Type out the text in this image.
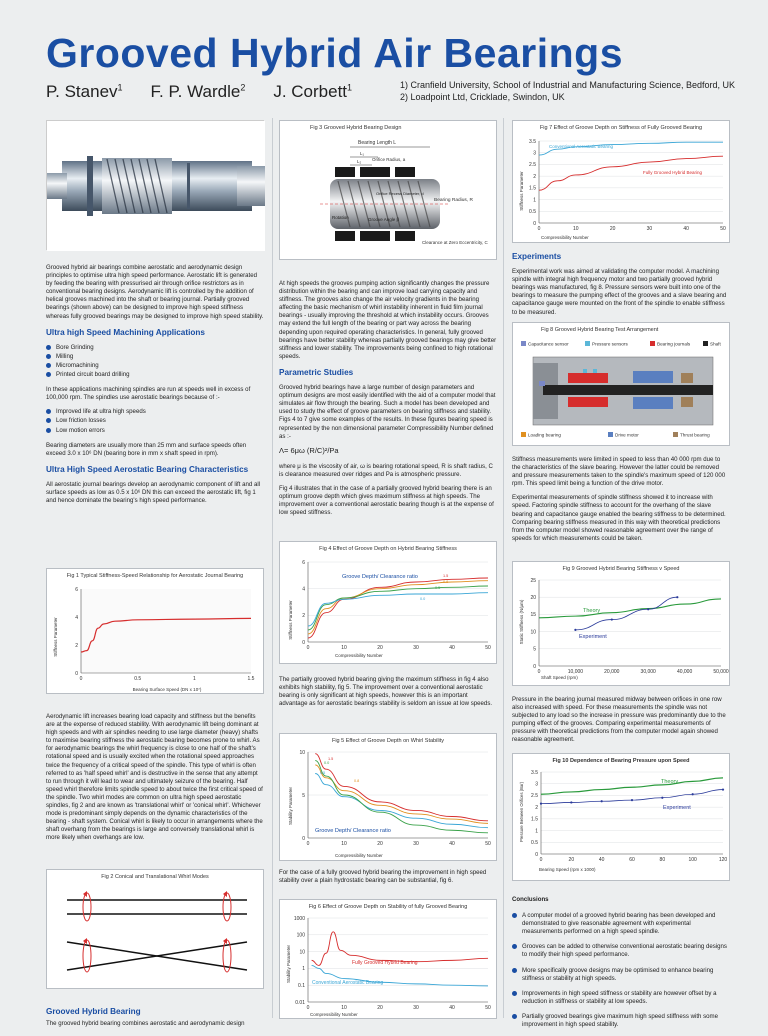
Grooved Hybrid Air Bearings
P. Stanev$^1$ F. P. Wardle$^2$ J. Corbett$^1$	1) Cranfield University, School of Industrial and Manufacturing Science, Bedford, UK
2) Loadpoint Ltd, Cricklade, Swindon, UK

Grooved hybrid air bearings combine aerostatic and aerodynamic design principles to optimise ultra high speed performance. Aerostatic lift is generated by feeding the bearing with pressurised air through orifice restrictors as in conventional bearing designs. Aerodynamic lift is controlled by the addition of helical grooves machined into the shaft or bearing journal. Partially grooved bearings (shown above) can be designed to improve high speed stiffness whereas fully grooved bearings may be designed to improve high speed stability.

Ultra high Speed Machining Applications
Bore Grinding
Milling
Micromachining
Printed circuit board drilling

In these applications machining spindles are run at speeds well in excess of 100,000 rpm. The spindles use aerostatic bearings because of :-

Improved life at ultra high speeds
Low friction losses
Low motion errors

Bearing diameters are usually more than 25 mm and surface speeds often exceed 3.0 x 10⁶ DN (bearing bore in mm x shaft speed in rpm).

Ultra High Speed Aerostatic Bearing Characteristics

All aerostatic journal bearings develop an aerodynamic component of lift and all surface speeds as low as 0.5 x 10⁶ DN this can exceed the aerostatic lift, fig 1 and hence dominate the bearing's high speed performance.

Fig 1 Typical Stiffness-Speed Relationship for Aerostatic Journal Bearing
0	0.5	1	1.5
0
2
4
6
Stiffness Parameter
Bearing Surface Speed (DN x 10⁷)

Aerodynamic lift increases bearing load capacity and stiffness but the benefits are at the expense of reduced stability. With aerodynamic lift being dominant at high speeds and with air spindles needing to use large diameter (heavy) shafts to maximise bearing stiffness the aerostatic bearing becomes prone to whirl. As for aerodynamic bearings the whirl frequency is close to one half of the shaft's rotational speed and is usually excited when the rotational speed approaches twice the frequency of a critical speed of the spindle. This type of whirl is often referred to as 'half speed whirl' and is destructive in the sense that any attempt to run through it will lead to wear and ultimately seizure of the bearing. Half speed whirl therefore limits spindle speed to about twice the first critical speed of the spindle. Two whirl modes are common on ultra high speed aerostatic spindles, fig 2 and are known as 'translational whirl' or 'conical whirl'. Whichever mode is predominant simply depends on the dynamic characteristics of the bearing - shaft system. Conical whirl is likely to occur in arrangements where the shaft overhang from the bearings is large and conversely translational whirl is more likely when overhangs are low.

Fig 2 Conical and Translational Whirl Modes
Grooved Hybrid Bearing

The grooved hybrid bearing combines aerostatic and aerodynamic design

Fig 3 Grooved Hybrid Bearing Design
Bearing Length L
L₁
L₂ Orifice Radius, a
Orifice Recess Diameter, d
Bearing Radius, R
Rotation	Groove Angle β
Clearance at Zero Eccentricity, C

At high speeds the grooves pumping action significantly changes the pressure distribution within the bearing and can improve load carrying capacity and stiffness. The grooves also change the air velocity gradients in the bearing affecting the basic mechanism of whirl instability inherent in fluid film journal bearings - usually improving the threshold at which instability occurs. Grooves may extend the full length of the bearing or part way across the bearing depending upon required operating characteristics. In general, fully grooved bearings have better stability whereas partially grooved bearings may give better stiffness and lower stability. The improvements being confined to high rotational speeds.

Parametric Studies

Grooved hybrid bearings have a large number of design parameters and optimum designs are most easily identified with the aid of a computer model that simulates air flow through the bearing. Such a model has been developed and used to study the effect of groove parameters on bearing stiffness and stability. Figs 4 to 7 give some examples of the results. In these figures bearing speed is represented by the non dimensional parameter Compressibility Number defined as :-

Λ= 6μω (R/C)²/Pa

where μ is the viscosity of air, ω is bearing rotational speed, R is shaft radius, C is clearance measured over ridges and Pa is atmospheric pressure.

Fig 4 illustrates that in the case of a partially grooved hybrid bearing there is an optimum groove depth which gives maximum stiffness at high speeds. The improvement over a conventional aerostatic bearing though is at the expense of low speed stiffness.

Fig 4 Effect of Groove Depth on Hybrid Bearing Stiffness
0	10	20	30	40	50
0
2
4
6
Groove Depth/ Clearance ratio	1.5
0.8
0.5
0.0
Stiffness Parameter
Compressibility Number

The partially grooved hybrid bearing giving the maximum stiffness in fig 4 also exhibits high stability, fig 5. The improvement over a conventional aerostatic bearing is only significant at high speeds, however this is an important advantage as for aerostatic bearings stability is seldom an issue at low speeds.

Fig 5 Effect of Groove Depth on Whirl Stability
0	10	20	30	40	50
0
5
10
Groove Depth/ Clearance ratio
1.5
0.8
0.5
0.0
Stability Parameter
Compressibility Number

For the case of a fully grooved hybrid bearing the improvement in high speed stability over a plain hydrostatic bearing can be substantial, fig 6.

Fig 6 Effect of Groove Depth on Stability of fully Grooved Bearing
0	10	20	30	40	50
0.01
0.1
1
10
100
1000
Fully Grooved Hybrid Bearing
Conventional Aerostatic Bearing
Stability Parameter
Compressibility Number
Fig 7 Effect of Groove Depth on Stiffness of Fully Grooved Bearing
0	10	20	30	40	50
0
0.5
1
1.5
2
2.5
3
3.5
Conventional Aerostatic Bearing
Fully Grooved Hybrid Bearing
Stiffness Parameter
Compressibility Number
Experiments

Experimental work was aimed at validating the computer model. A machining spindle with integral high frequency motor and two partially grooved hybrid bearings was manufactured, fig 8. Pressure sensors were built into one of the bearings to measure the pumping effect of the grooves and a slave bearing and capacitance gauge were mounted on the front of the spindle to enable stiffness to be measured.

Fig 8 Grooved Hybrid Bearing Test Arrangement
Capacitance sensor	Pressure sensors	Bearing journals	Shaft
Loading bearing	Drive motor	Thrust bearing

Stiffness measurements were limited in speed to less than 40 000 rpm due to the characteristics of the slave bearing. However the latter could be removed and pressure measurements taken to the spindle's maximum speed of 120 000 rpm. This speed limit being a function of the drive motor.

Experimental measurements of spindle stiffness showed it to increase with speed. Factoring spindle stiffness to account for the overhang of the slave bearing and capacitance gauge enabled the bearing stiffness to be determined. Comparing bearing stiffness measured in this way with theoretical predictions from the computer model showed reasonable agreement over the range of speeds for which measurements could be taken.

Fig 9 Grooved Hybrid Bearing Stiffness v Speed
0	10,000	20,000	30,000	40,000	50,000
0
5
10
15
20
25
Theory
Experiment
Static Stiffness (N/μm)
Shaft Speed (rpm)

Pressure in the bearing journal measured midway between orifices in one row also increased with speed. For these measurements the spindle was not subjected to any load so the increase in pressure was predominantly due to the pumping effect of the grooves. Comparing experimental measurements of pressure with theoretical predictions from the computer model again showed reasonable agreement.

Fig 10 Dependence of Bearing Pressure upon Speed
0	20	40	60	80	100	120
0
0.5
1
1.5
2
2.5
3
3.5
Theory
Experiment
Pressure Between Orifices (Bar)
Bearing Speed (rpm x 1000)
Conclusions
A computer model of a grooved hybrid bearing has been developed and demonstrated to give reasonable agreement with experimental measurements performed on a high speed spindle.
Grooves can be added to otherwise conventional aerostatic bearing designs to modify their high speed performance.
More specifically groove designs may be optimised to enhance bearing stiffness or stability at high speeds.
Improvements in high speed stiffness or stability are however offset by a reduction in stiffness or stability at low speeds.
Partially grooved bearings give maximum high speed stiffness with some improvement in high speed stability.
